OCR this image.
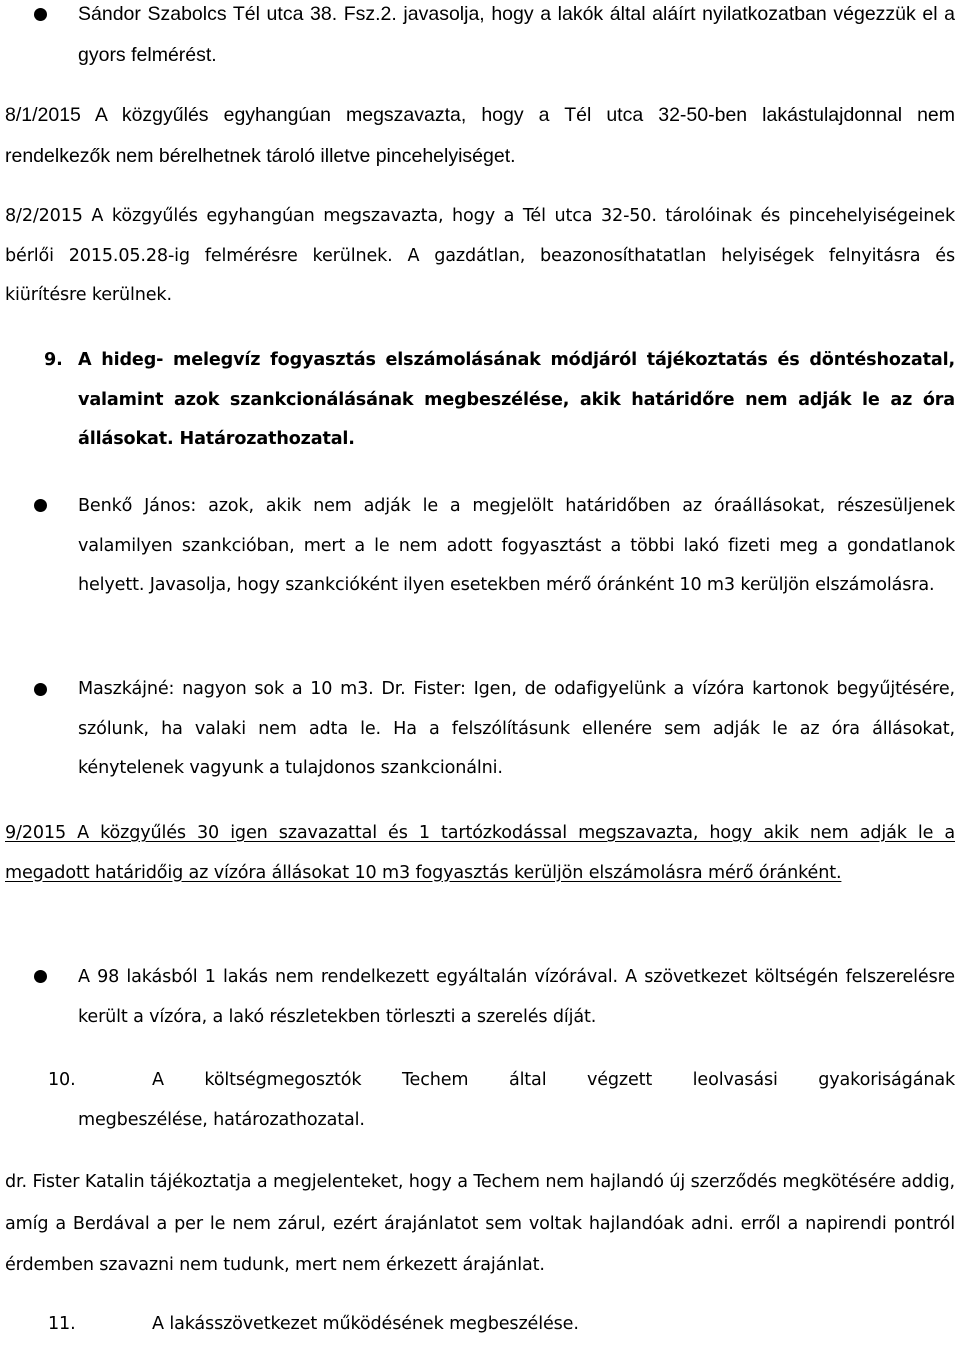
Sándor Szabolcs Tél utca 38. Fsz.2. javasolja, hogy a lakók által aláírt nyilatkozatban végezzük el a gyors felmérést.

8/1/2015 A közgyűlés egyhangúan megszavazta, hogy a Tél utca 32-50-ben lakástulajdonnal nem rendelkezők nem bérelhetnek tároló illetve pincehelyiséget.

8/2/2015 A közgyűlés egyhangúan megszavazta, hogy a Tél utca 32-50. tárolóinak és pincehelyiségeinek bérlői 2015.05.28-ig felmérésre kerülnek. A gazdátlan, beazonosíthatatlan helyiségek felnyitásra és kiürítésre kerülnek.

9. A hideg- melegvíz fogyasztás elszámolásának módjáról tájékoztatás és döntéshozatal, valamint azok szankcionálásának megbeszélése, akik határidőre nem adják le az óra állásokat. Határozathozatal.

Benkő János: azok, akik nem adják le a megjelölt határidőben az óraállásokat, részesüljenek valamilyen szankcióban, mert a le nem adott fogyasztást a többi lakó fizeti meg a gondatlanok helyett. Javasolja, hogy szankcióként ilyen esetekben mérő óránként 10 m3 kerüljön elszámolásra.

Maszkájné: nagyon sok a 10 m3. Dr. Fister: Igen, de odafigyelünk a vízóra kartonok begyűjtésére, szólunk, ha valaki nem adta le. Ha a felszólításunk ellenére sem adják le az óra állásokat, kénytelenek vagyunk a tulajdonos szankcionálni.

9/2015 A közgyűlés 30 igen szavazattal és 1 tartózkodással megszavazta, hogy akik nem adják le a megadott határidőig az vízóra állásokat 10 m3 fogyasztás kerüljön elszámolásra mérő óránként.

A 98 lakásból 1 lakás nem rendelkezett egyáltalán vízórával. A szövetkezet költségén felszerelésre került a vízóra, a lakó részletekben törleszti a szerelés díját.

10.	A költségmegosztók Techem által végzett leolvasási gyakoriságának
megbeszélése, határozathozatal.

dr. Fister Katalin tájékoztatja a megjelenteket, hogy a Techem nem hajlandó új szerződés megkötésére addig, amíg a Berdával a per le nem zárul, ezért árajánlatot sem voltak hajlandóak adni. erről a napirendi pontról érdemben szavazni nem tudunk, mert nem érkezett árajánlat.

11.	A lakásszövetkezet működésének megbeszélése.
